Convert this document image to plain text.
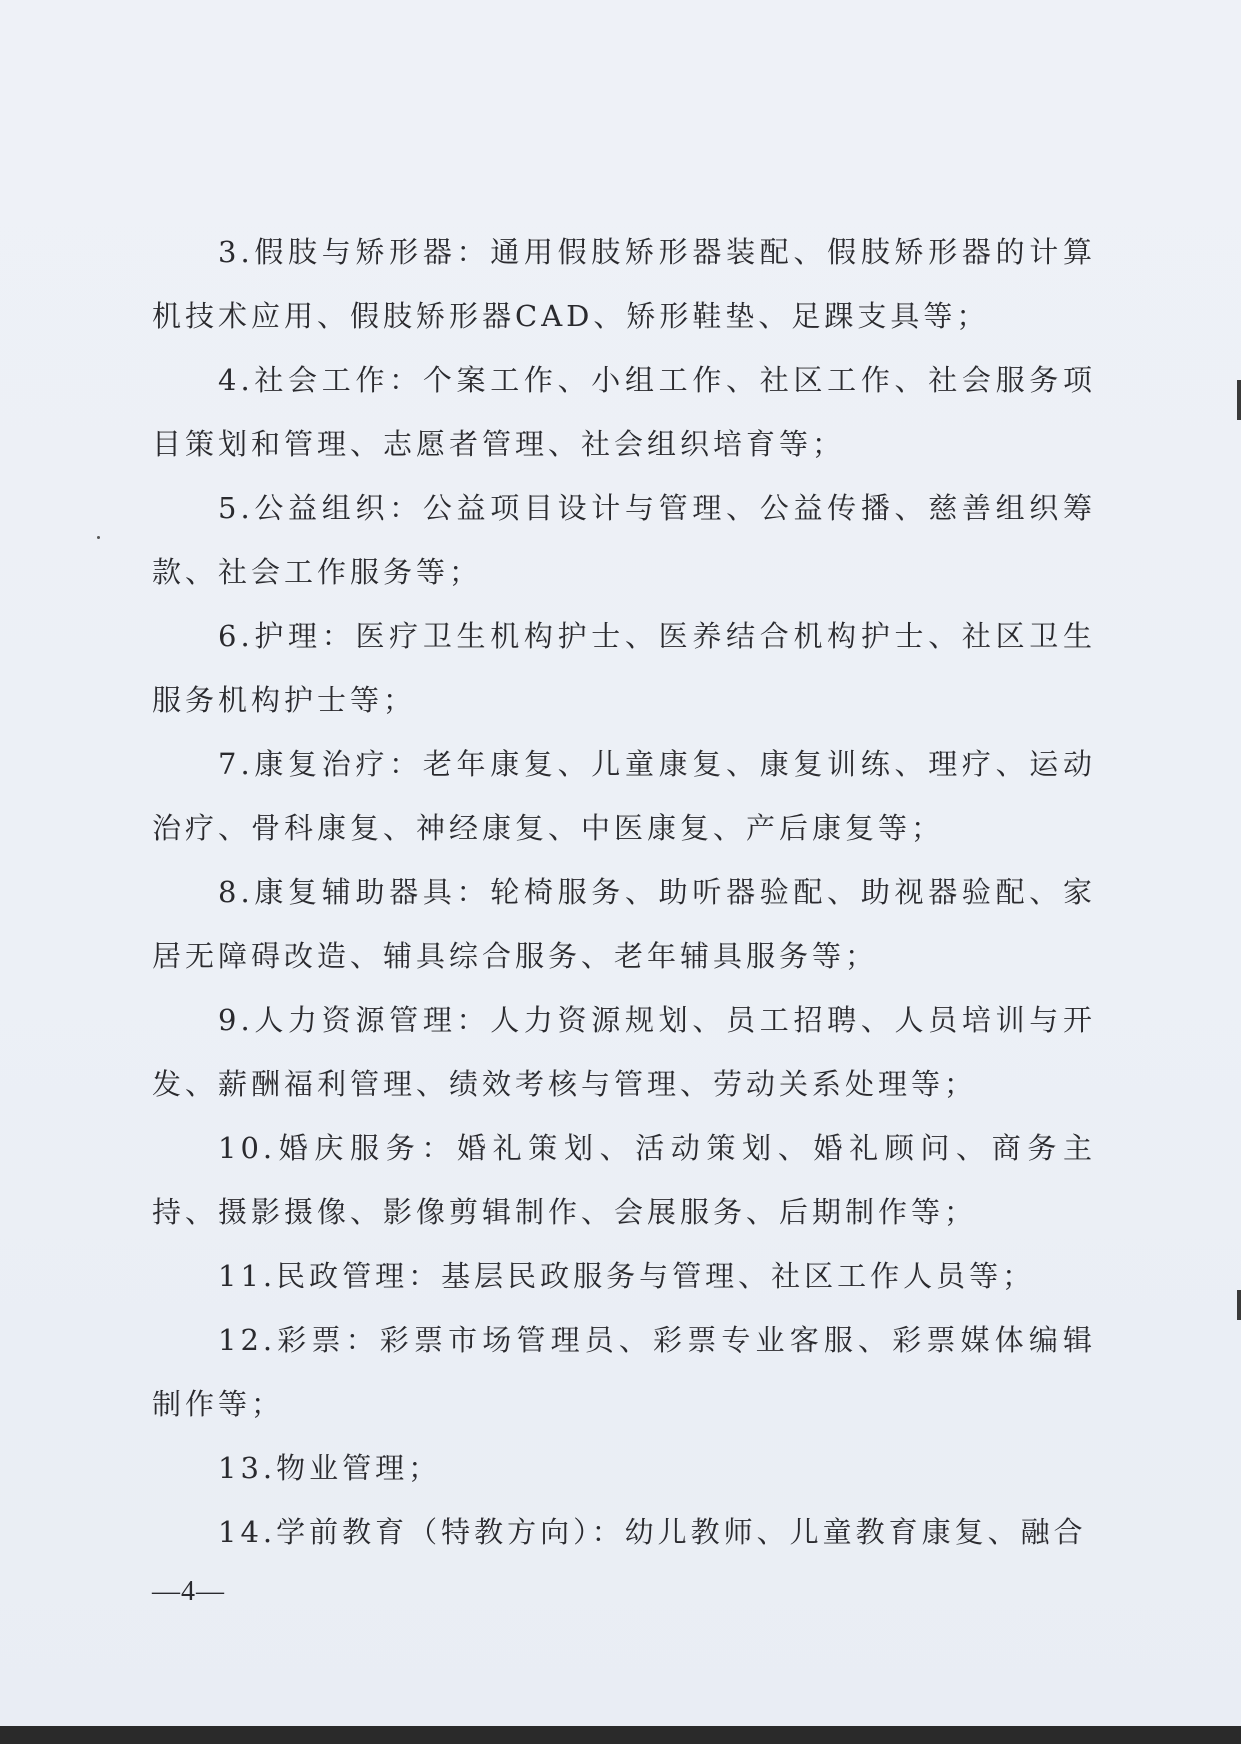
3.假肢与矫形器：通用假肢矫形器装配、假肢矫形器的计算机技术应用、假肢矫形器CAD、矫形鞋垫、足踝支具等；

4.社会工作：个案工作、小组工作、社区工作、社会服务项目策划和管理、志愿者管理、社会组织培育等；

5.公益组织：公益项目设计与管理、公益传播、慈善组织筹款、社会工作服务等；

6.护理：医疗卫生机构护士、医养结合机构护士、社区卫生服务机构护士等；

7.康复治疗：老年康复、儿童康复、康复训练、理疗、运动治疗、骨科康复、神经康复、中医康复、产后康复等；

8.康复辅助器具：轮椅服务、助听器验配、助视器验配、家居无障碍改造、辅具综合服务、老年辅具服务等；

9.人力资源管理：人力资源规划、员工招聘、人员培训与开发、薪酬福利管理、绩效考核与管理、劳动关系处理等；

10.婚庆服务：婚礼策划、活动策划、婚礼顾问、商务主持、摄影摄像、影像剪辑制作、会展服务、后期制作等；

11.民政管理：基层民政服务与管理、社区工作人员等；

12.彩票：彩票市场管理员、彩票专业客服、彩票媒体编辑制作等；

13.物业管理；

14.学前教育（特教方向）：幼儿教师、儿童教育康复、融合

—4—
